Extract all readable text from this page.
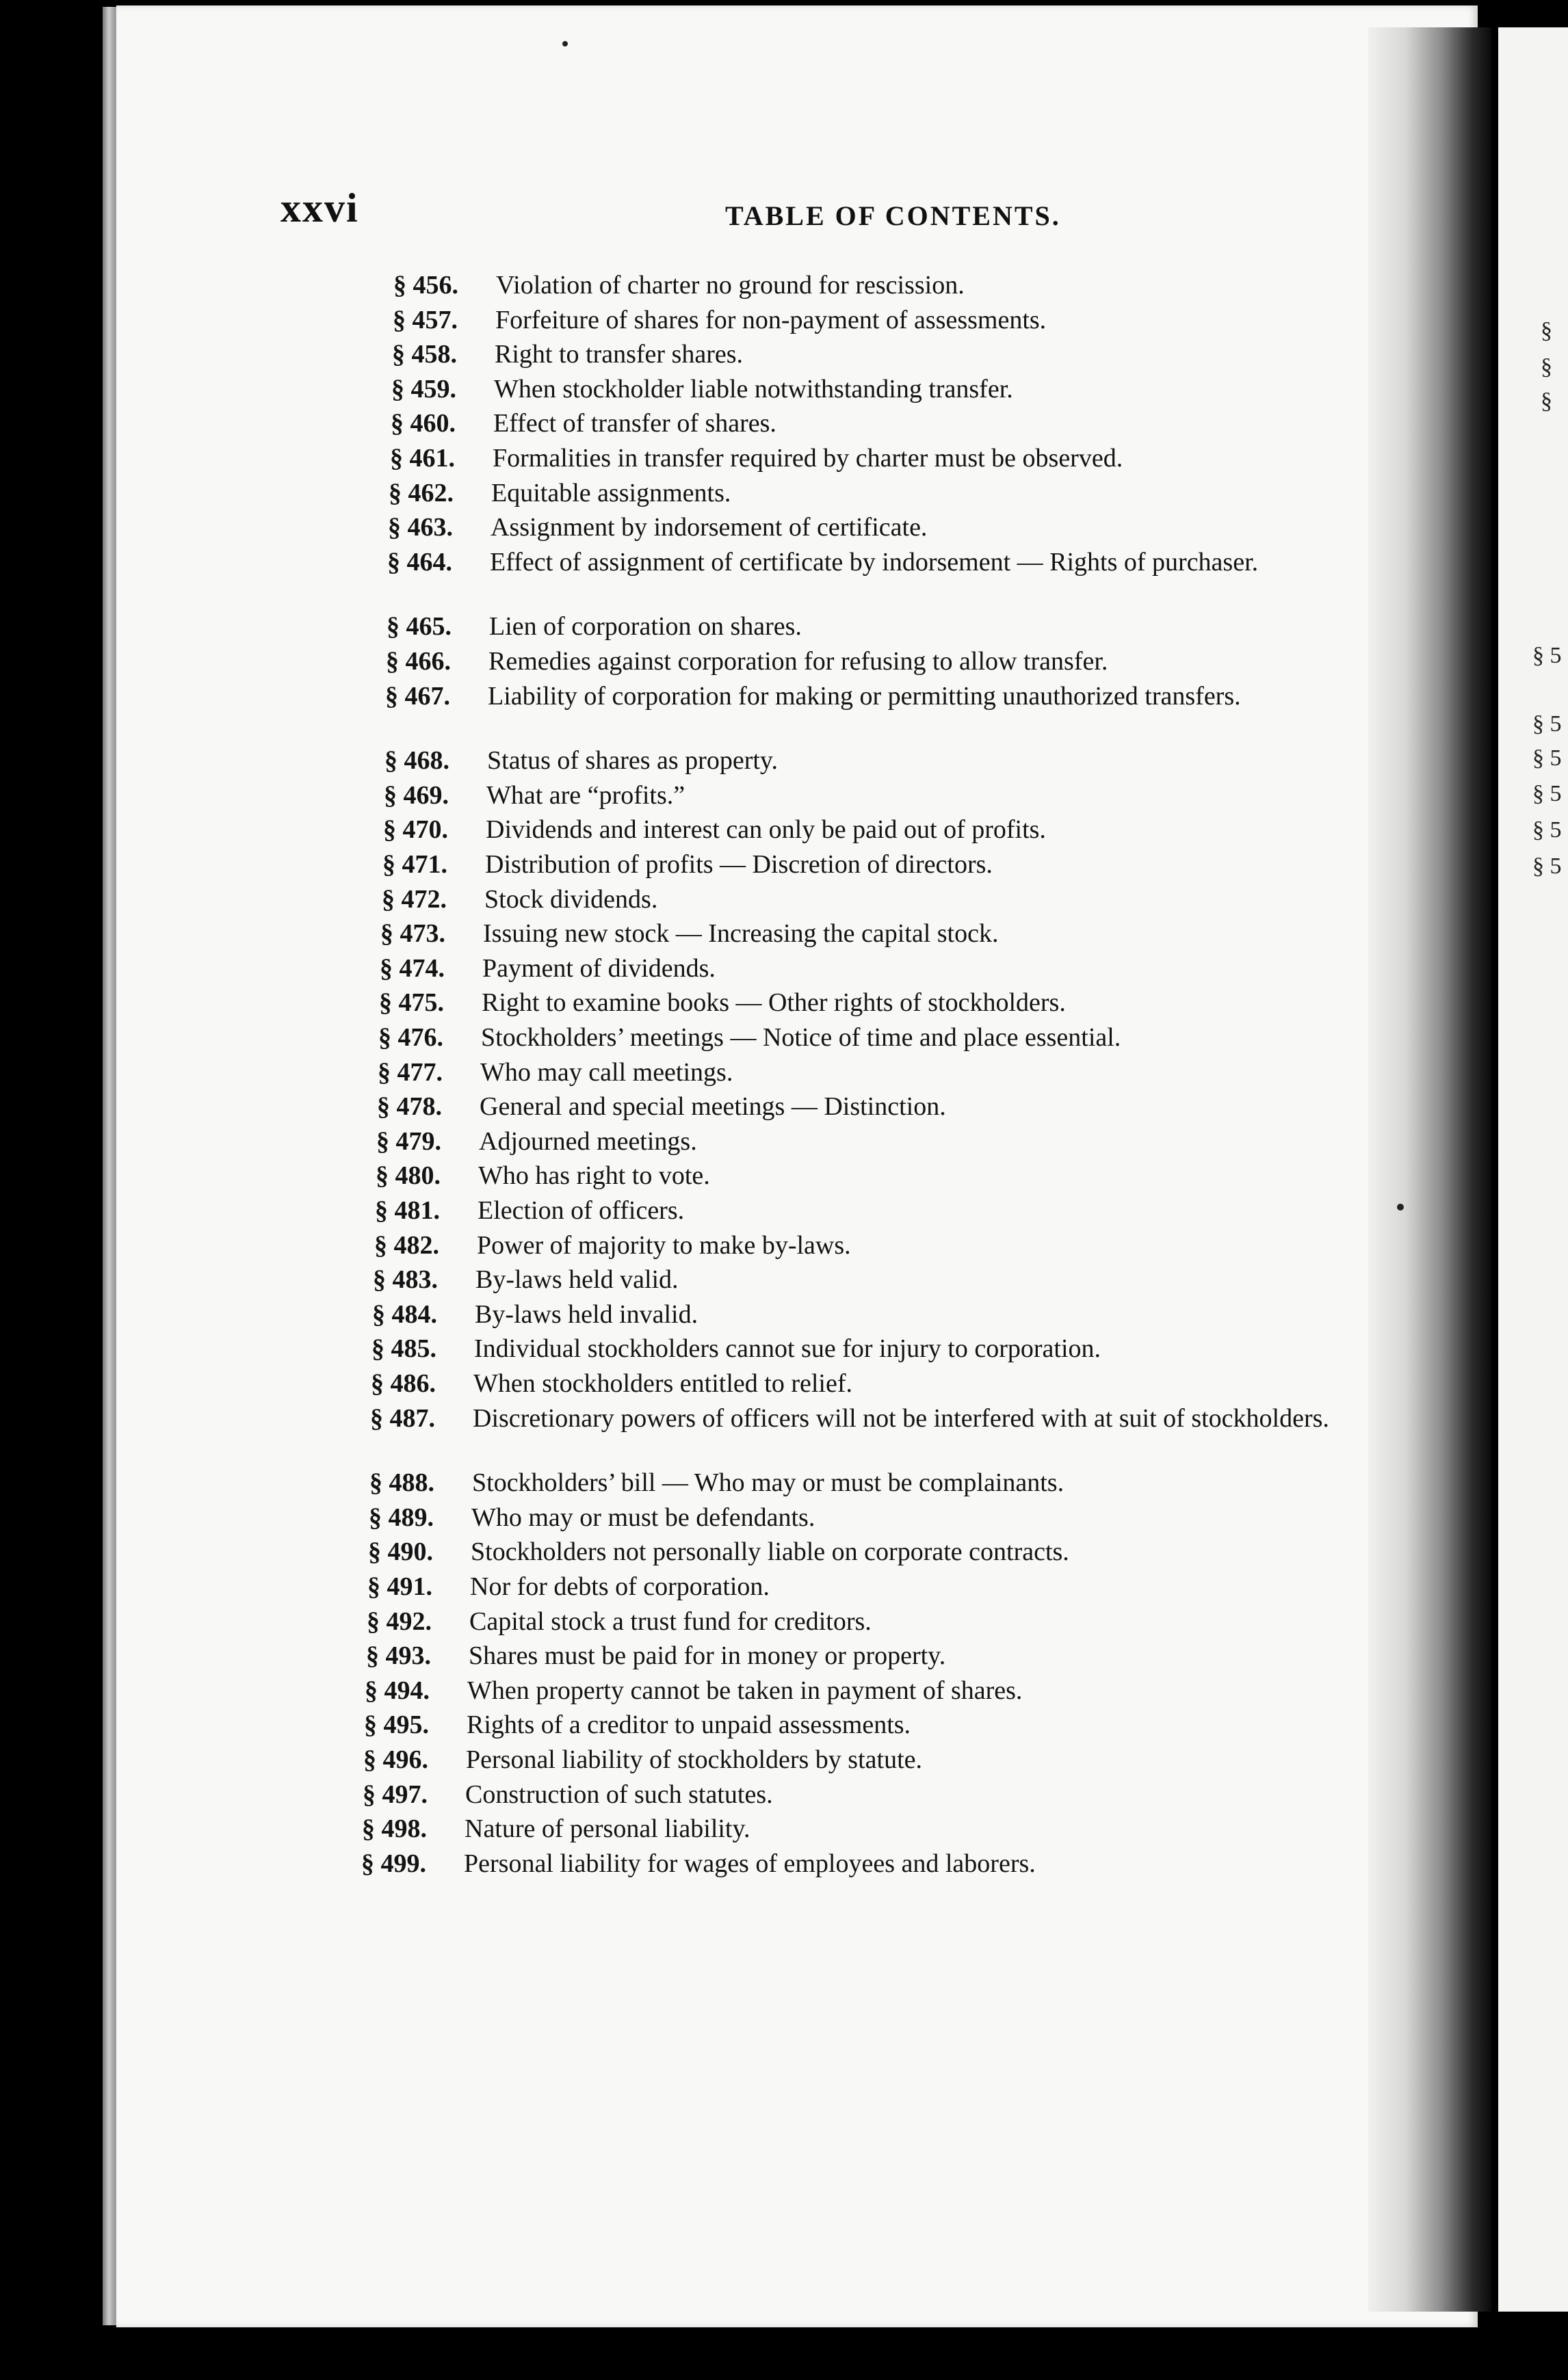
§
§
§
§ 5
§ 5
§ 5
§ 5
§ 5
§ 5
xxvi	TABLE OF CONTENTS.
§ 456. Violation of charter no ground for rescission.
§ 457. Forfeiture of shares for non-payment of assessments.
§ 458. Right to transfer shares.
§ 459. When stockholder liable notwithstanding transfer.
§ 460. Effect of transfer of shares.
§ 461. Formalities in transfer required by charter must be observed.
§ 462. Equitable assignments.
§ 463. Assignment by indorsement of certificate.
§ 464. Effect of assignment of certificate by indorsement — Rights of purchaser.
§ 465. Lien of corporation on shares.
§ 466. Remedies against corporation for refusing to allow transfer.
§ 467. Liability of corporation for making or permitting unauthorized transfers.
§ 468. Status of shares as property.
§ 469. What are “profits.”
§ 470. Dividends and interest can only be paid out of profits.
§ 471. Distribution of profits — Discretion of directors.
§ 472. Stock dividends.
§ 473. Issuing new stock — Increasing the capital stock.
§ 474. Payment of dividends.
§ 475. Right to examine books — Other rights of stockholders.
§ 476. Stockholders’ meetings — Notice of time and place essential.
§ 477. Who may call meetings.
§ 478. General and special meetings — Distinction.
§ 479. Adjourned meetings.
§ 480. Who has right to vote.
§ 481. Election of officers.
§ 482. Power of majority to make by-laws.
§ 483. By-laws held valid.
§ 484. By-laws held invalid.
§ 485. Individual stockholders cannot sue for injury to corporation.
§ 486. When stockholders entitled to relief.
§ 487. Discretionary powers of officers will not be interfered with at suit of stockholders.
§ 488. Stockholders’ bill — Who may or must be complainants.
§ 489. Who may or must be defendants.
§ 490. Stockholders not personally liable on corporate contracts.
§ 491. Nor for debts of corporation.
§ 492. Capital stock a trust fund for creditors.
§ 493. Shares must be paid for in money or property.
§ 494. When property cannot be taken in payment of shares.
§ 495. Rights of a creditor to unpaid assessments.
§ 496. Personal liability of stockholders by statute.
§ 497. Construction of such statutes.
§ 498. Nature of personal liability.
§ 499. Personal liability for wages of employees and laborers.
